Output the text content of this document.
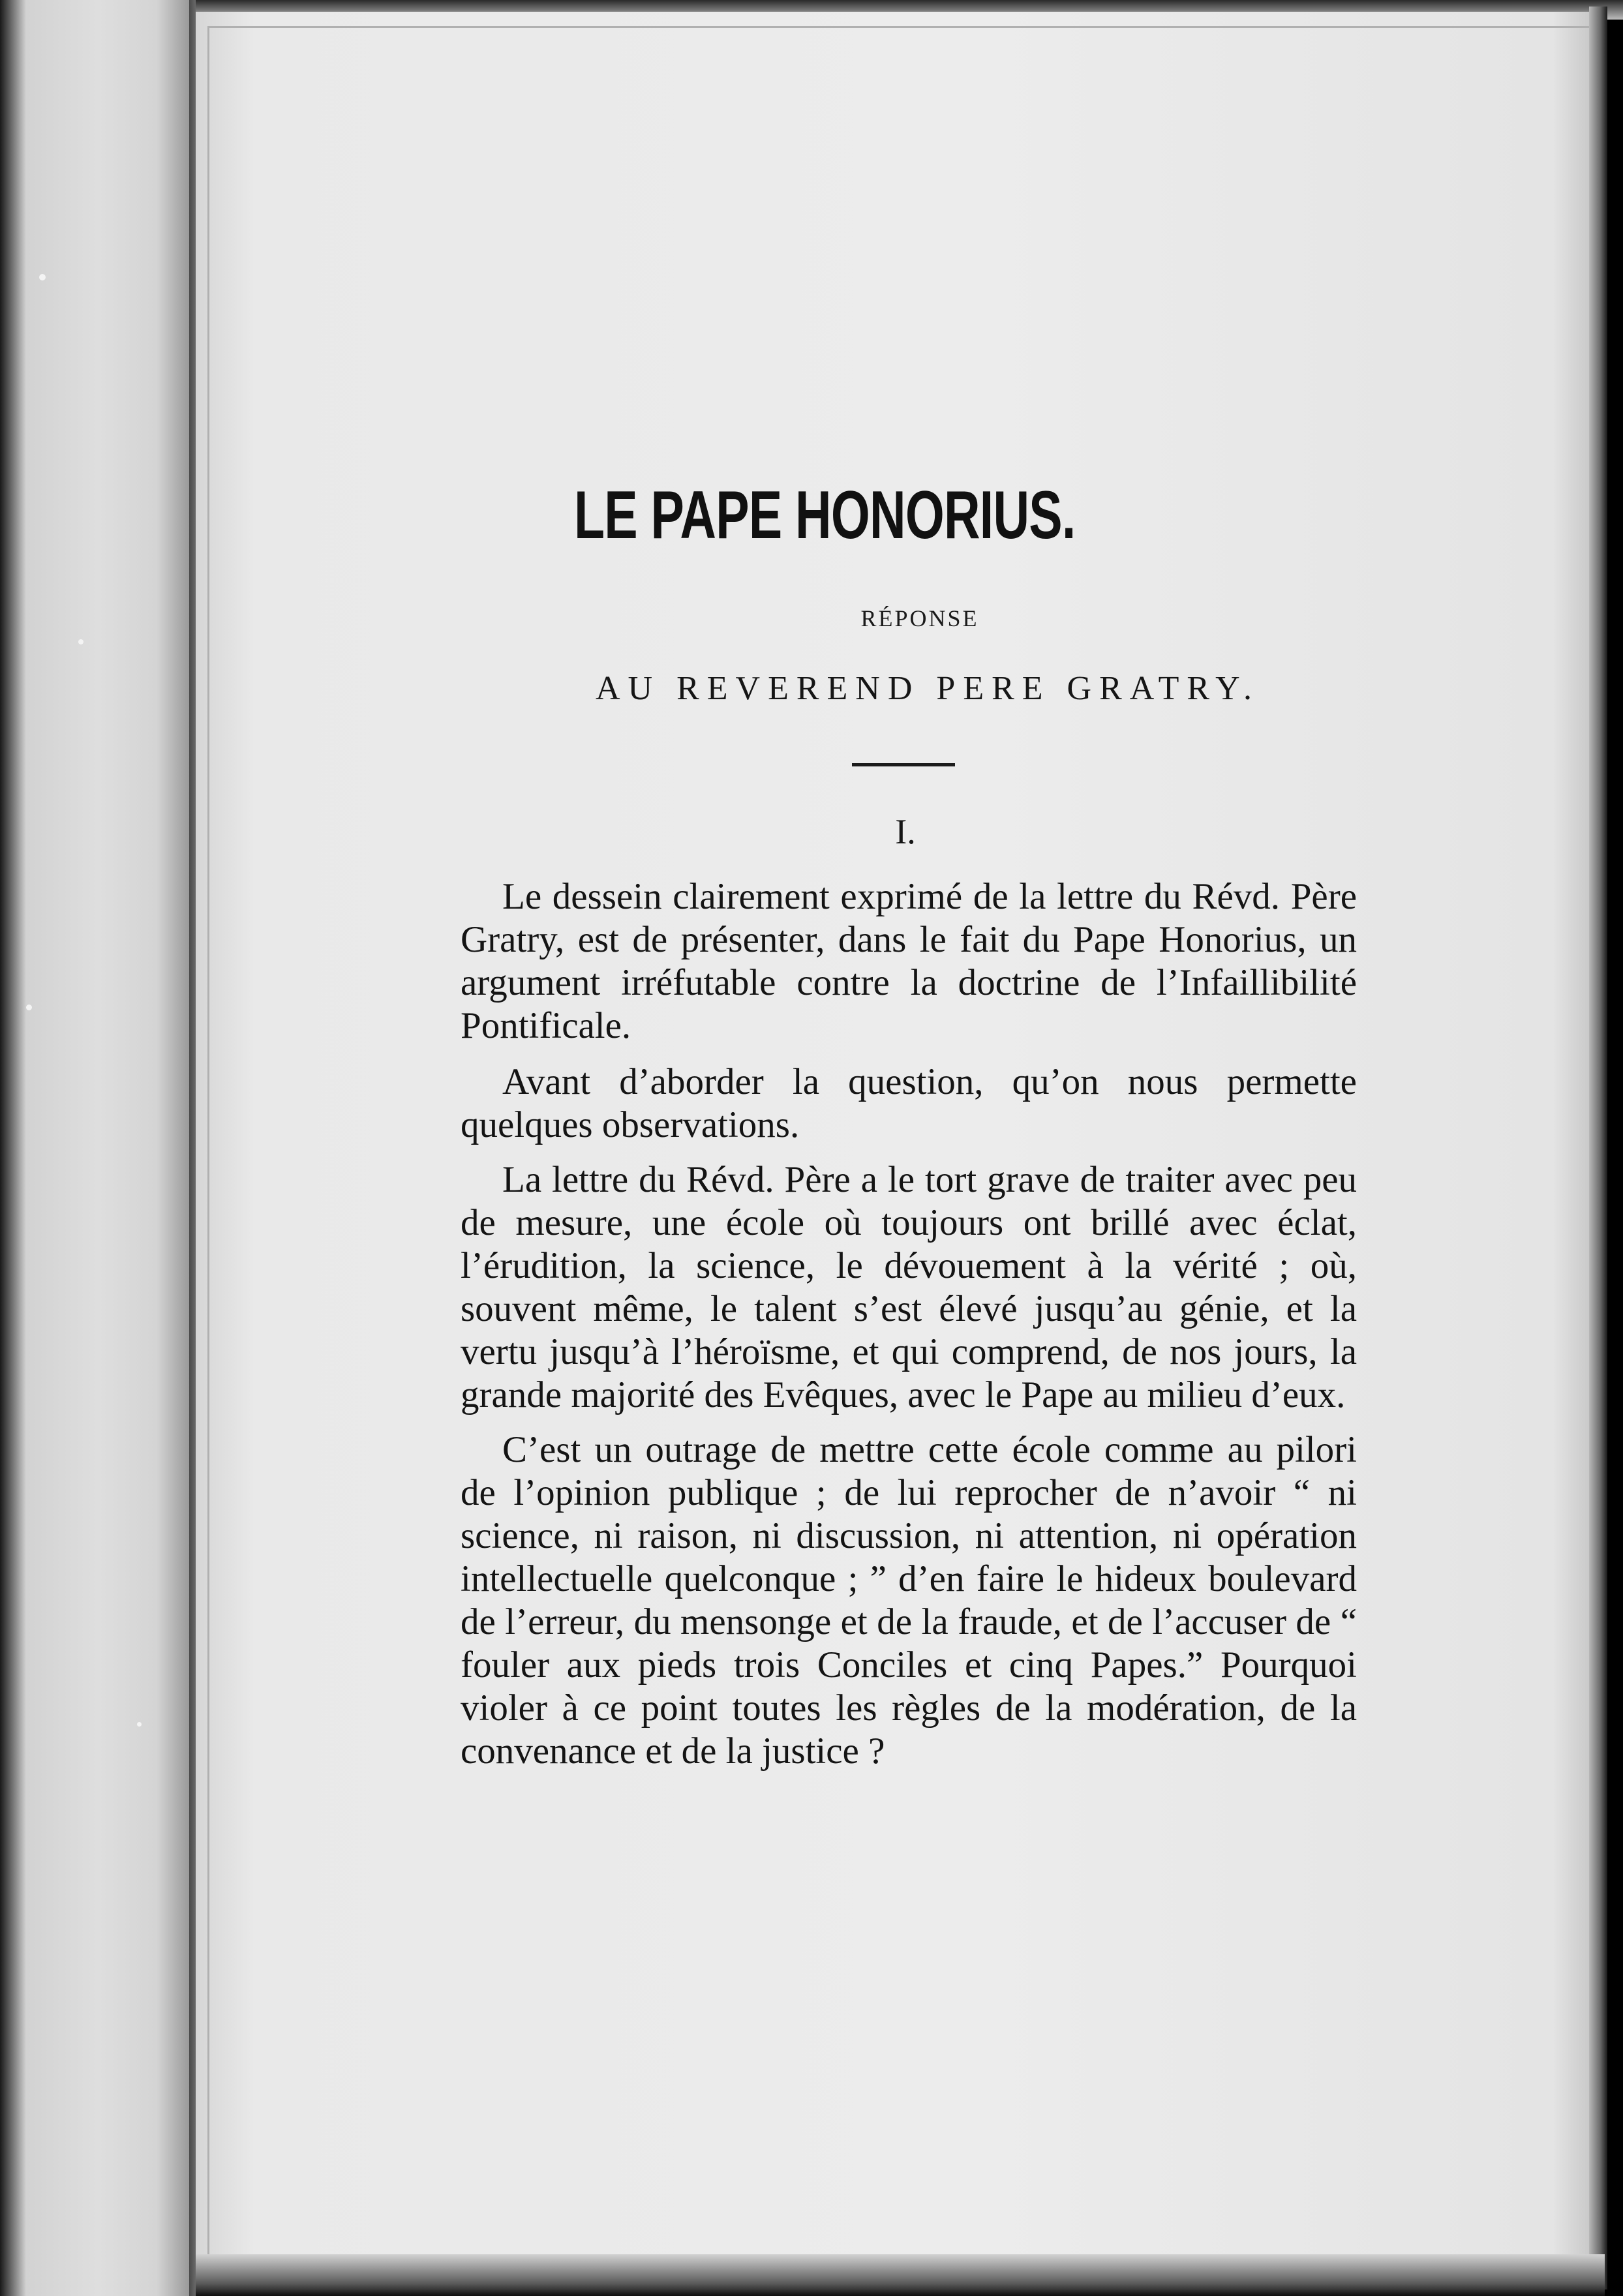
LE PAPE HONORIUS.
RÉPONSE
AU REVEREND PERE GRATRY.
I.

Le dessein clairement exprimé de la lettre du Révd. Père Gratry, est de présenter, dans le fait du Pape Honorius, un argument irréfutable contre la doctrine de l’Infaillibilité Pontificale.

Avant d’aborder la question, qu’on nous permette quelques observations.

La lettre du Révd. Père a le tort grave de traiter avec peu de mesure, une école où toujours ont brillé avec éclat, l’érudition, la science, le dévouement à la vérité ; où, souvent même, le talent s’est élevé jusqu’au génie, et la vertu jusqu’à l’héroïsme, et qui comprend, de nos jours, la grande majorité des Evêques, avec le Pape au milieu d’eux.

C’est un outrage de mettre cette école comme au pilori de l’opinion publique ; de lui reprocher de n’avoir “ ni science, ni raison, ni discussion, ni attention, ni opération intellectuelle quelconque ; ” d’en faire le hideux boulevard de l’erreur, du mensonge et de la fraude, et de l’accuser de “ fouler aux pieds trois Conciles et cinq Papes.” Pourquoi violer à ce point toutes les règles de la modération, de la convenance et de la justice ?
